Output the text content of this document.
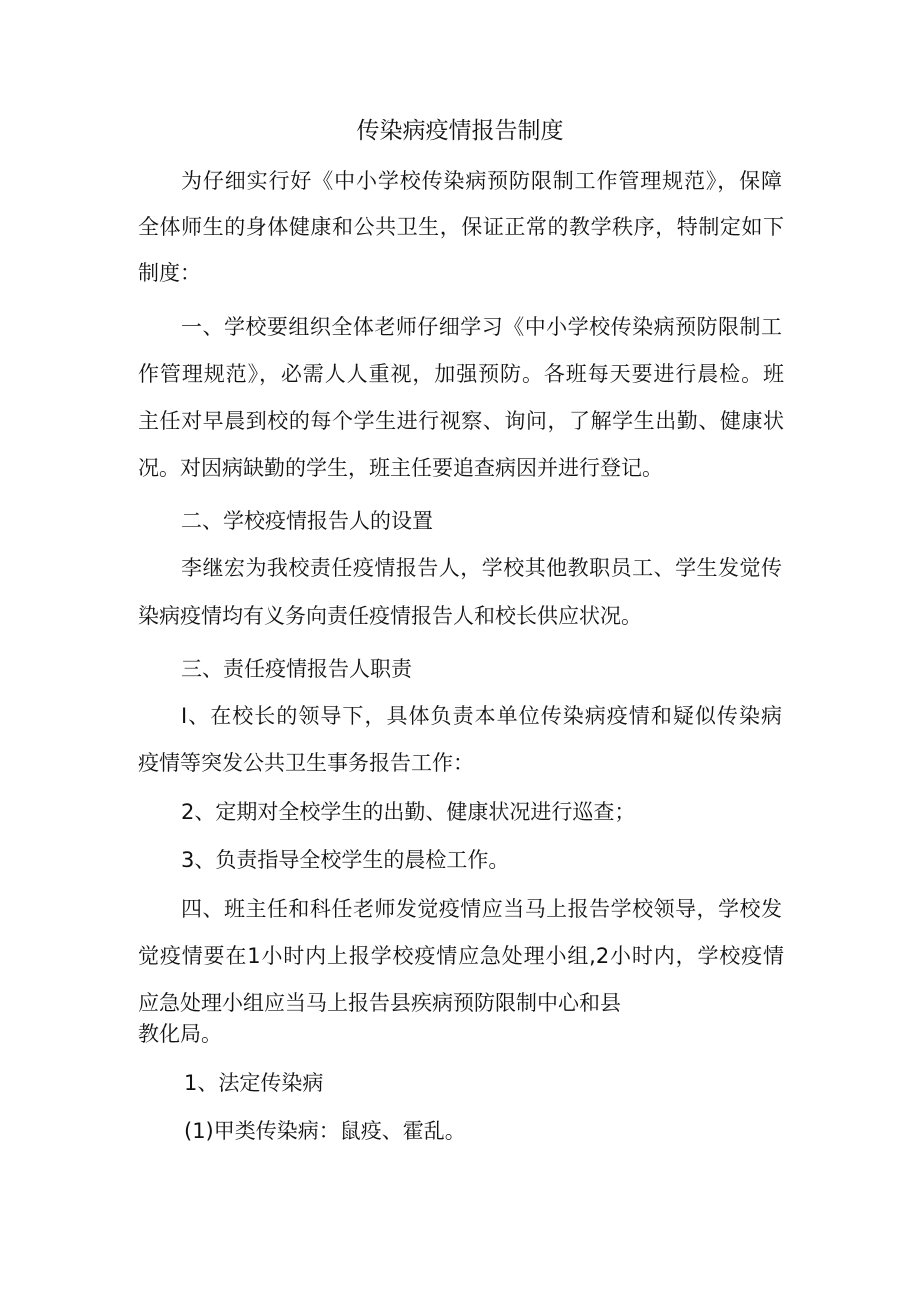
传染病疫情报告制度

为仔细实行好《中小学校传染病预防限制工作管理规范》，保障

全体师生的身体健康和公共卫生，保证正常的教学秩序，特制定如下

制度：

一、学校要组织全体老师仔细学习《中小学校传染病预防限制工

作管理规范》，必需人人重视，加强预防。各班每天要进行晨检。班

主任对早晨到校的每个学生进行视察、询问，了解学生出勤、健康状

况。对因病缺勤的学生，班主任要追查病因并进行登记。

二、学校疫情报告人的设置

李继宏为我校责任疫情报告人，学校其他教职员工、学生发觉传

染病疫情均有义务向责任疫情报告人和校长供应状况。

三、责任疫情报告人职责

I、在校长的领导下，具体负责本单位传染病疫情和疑似传染病

疫情等突发公共卫生事务报告工作：

2、定期对全校学生的出勤、健康状况进行巡查；

3、负责指导全校学生的晨检工作。

四、班主任和科任老师发觉疫情应当马上报告学校领导，学校发

觉疫情要在1小时内上报学校疫情应急处理小组,2小时内，学校疫情

应急处理小组应当马上报告县疾病预防限制中心和县

教化局。

1、法定传染病

(1)甲类传染病：鼠疫、霍乱。
